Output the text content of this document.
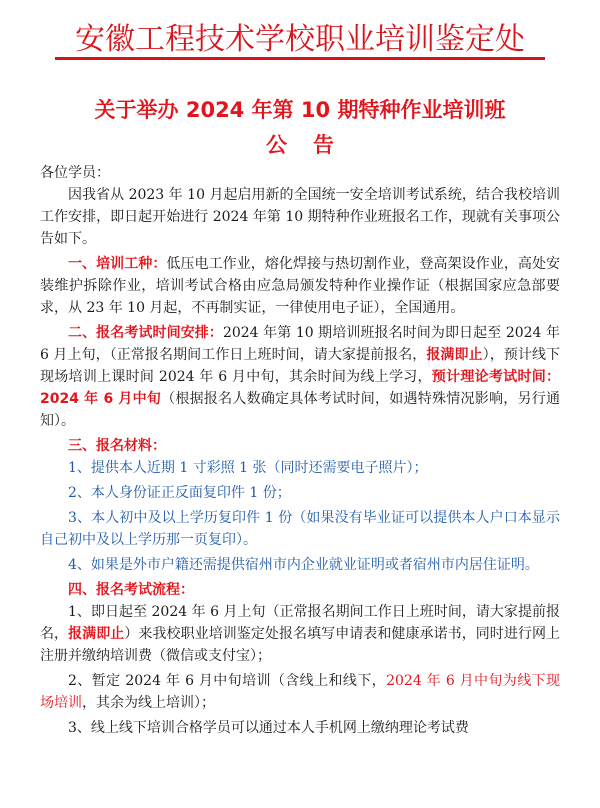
安徽工程技术学校职业培训鉴定处
关于举办 2024 年第 10 期特种作业培训班
公告

各位学员：

因我省从 2023 年 10 月起启用新的全国统一安全培训考试系统，结合我校培训工作安排，即日起开始进行 2024 年第 10 期特种作业班报名工作，现就有关事项公告如下。

一、培训工种：低压电工作业，熔化焊接与热切割作业，登高架设作业，高处安装维护拆除作业，培训考试合格由应急局颁发特种作业操作证（根据国家应急部要求，从 23 年 10 月起，不再制实证，一律使用电子证），全国通用。

二、报名考试时间安排：2024 年第 10 期培训班报名时间为即日起至 2024 年 6 月上旬，（正常报名期间工作日上班时间，请大家提前报名，报满即止），预计线下现场培训上课时间 2024 年 6 月中旬，其余时间为线上学习，预计理论考试时间：2024 年 6 月中旬（根据报名人数确定具体考试时间，如遇特殊情况影响，另行通知）。

三、报名材料：

1、提供本人近期 1 寸彩照 1 张（同时还需要电子照片）；

2、本人身份证正反面复印件 1 份；

3、本人初中及以上学历复印件 1 份（如果没有毕业证可以提供本人户口本显示自己初中及以上学历那一页复印）。

4、如果是外市户籍还需提供宿州市内企业就业证明或者宿州市内居住证明。

四、报名考试流程：

1、即日起至 2024 年 6 月上旬（正常报名期间工作日上班时间，请大家提前报名，报满即止）来我校职业培训鉴定处报名填写申请表和健康承诺书，同时进行网上注册并缴纳培训费（微信或支付宝）；

2、暂定 2024 年 6 月中旬培训（含线上和线下，2024 年 6 月中旬为线下现场培训，其余为线上培训）；

3、线上线下培训合格学员可以通过本人手机网上缴纳理论考试费
